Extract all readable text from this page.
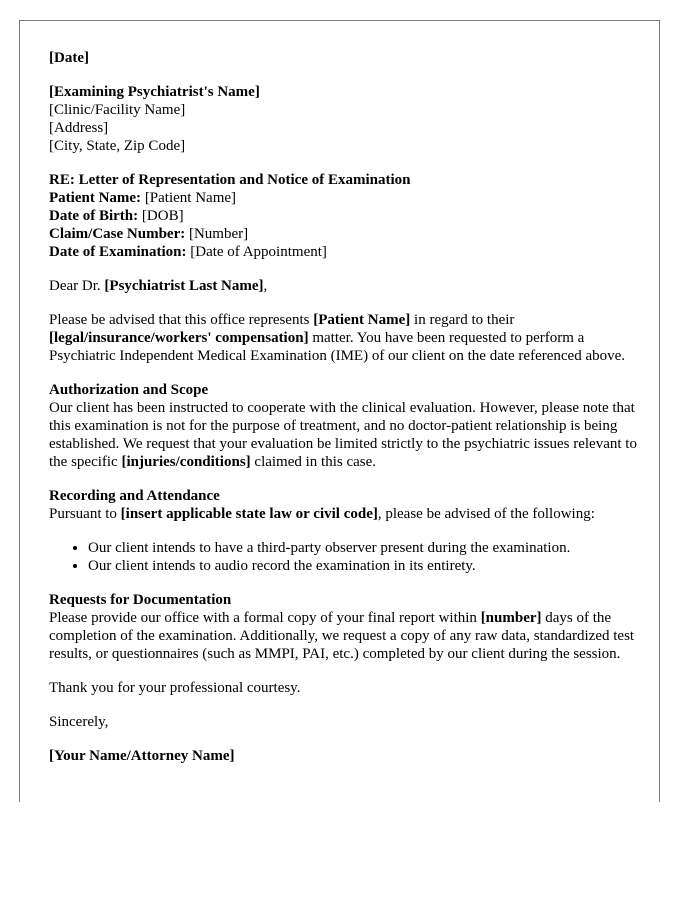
[Date]

[Examining Psychiatrist's Name]
[Clinic/Facility Name]
[Address]
[City, State, Zip Code]
RE: Letter of Representation and Notice of Examination
Patient Name: [Patient Name]
Date of Birth: [DOB]
Claim/Case Number: [Number]
Date of Examination: [Date of Appointment]

Dear Dr. [Psychiatrist Last Name],

Please be advised that this office represents [Patient Name] in regard to their [legal/insurance/workers' compensation] matter. You have been requested to perform a Psychiatric Independent Medical Examination (IME) of our client on the date referenced above.

Authorization and Scope
Our client has been instructed to cooperate with the clinical evaluation. However, please note that this examination is not for the purpose of treatment, and no doctor-patient relationship is being established. We request that your evaluation be limited strictly to the psychiatric issues relevant to the specific [injuries/conditions] claimed in this case.
Recording and Attendance
Pursuant to [insert applicable state law or civil code], please be advised of the following:
• Our client intends to have a third-party observer present during the examination.
• Our client intends to audio record the examination in its entirety.
Requests for Documentation
Please provide our office with a formal copy of your final report within [number] days of the completion of the examination. Additionally, we request a copy of any raw data, standardized test results, or questionnaires (such as MMPI, PAI, etc.) completed by our client during the session.

Thank you for your professional courtesy.

Sincerely,

[Your Name/Attorney Name]
